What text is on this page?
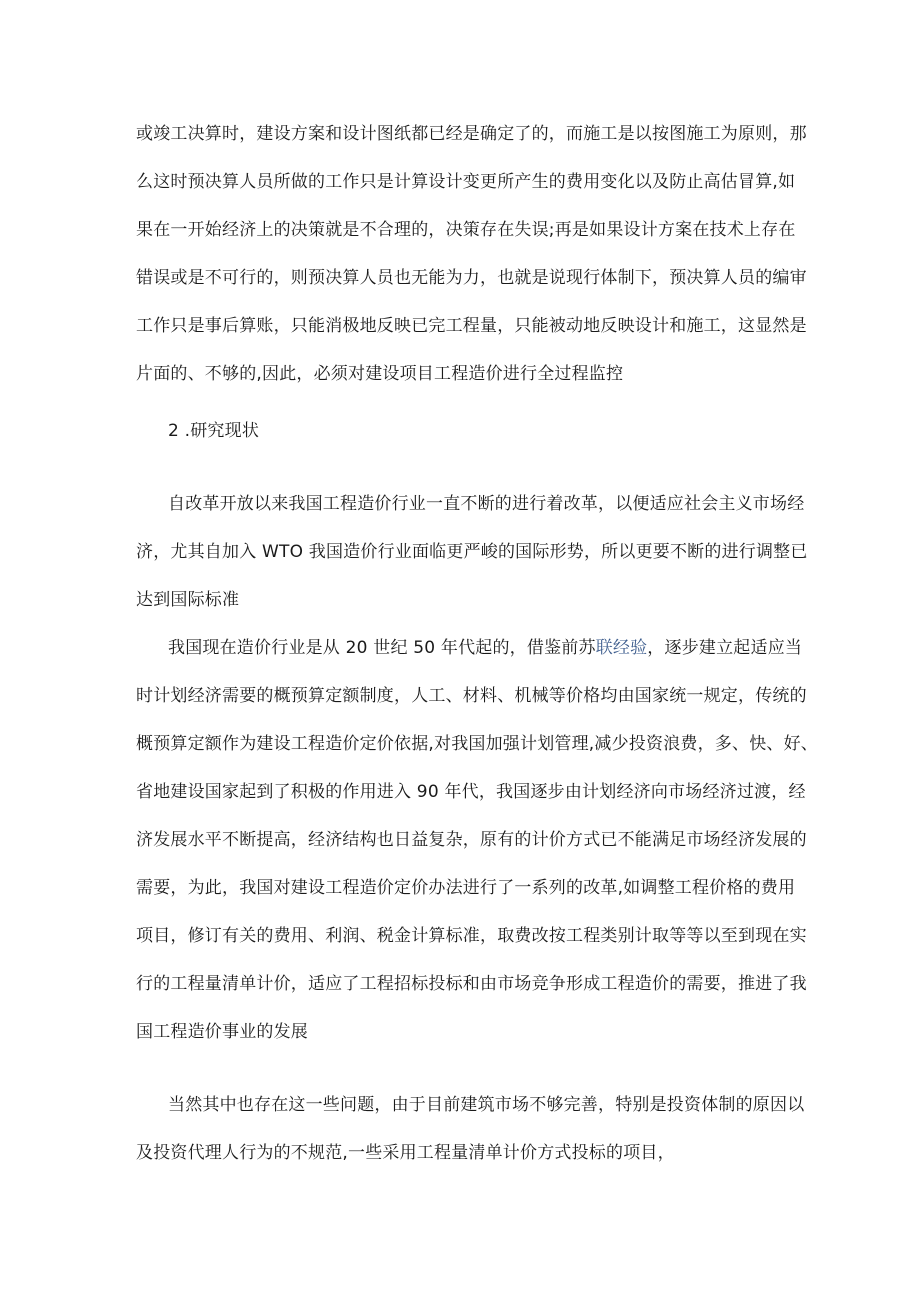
或竣工决算时，建设方案和设计图纸都已经是确定了的，而施工是以按图施工为原则，那
么这时预决算人员所做的工作只是计算设计变更所产生的费用变化以及防止高估冒算,如
果在一开始经济上的决策就是不合理的，决策存在失误;再是如果设计方案在技术上存在
错误或是不可行的，则预决算人员也无能为力，也就是说现行体制下，预决算人员的编审
工作只是事后算账，只能消极地反映已完工程量，只能被动地反映设计和施工，这显然是
片面的、不够的,因此，必须对建设项目工程造价进行全过程监控
2 .研究现状
自改革开放以来我国工程造价行业一直不断的进行着改革，以便适应社会主义市场经
济，尤其自加入 WTO 我国造价行业面临更严峻的国际形势，所以更要不断的进行调整已
达到国际标准
我国现在造价行业是从 20 世纪 50 年代起的，借鉴前苏联经验，逐步建立起适应当
时计划经济需要的概预算定额制度，人工、材料、机械等价格均由国家统一规定，传统的
概预算定额作为建设工程造价定价依据,对我国加强计划管理,减少投资浪费，多、快、好、
省地建设国家起到了积极的作用进入 90 年代，我国逐步由计划经济向市场经济过渡，经
济发展水平不断提高，经济结构也日益复杂，原有的计价方式已不能满足市场经济发展的
需要，为此，我国对建设工程造价定价办法进行了一系列的改革,如调整工程价格的费用
项目，修订有关的费用、利润、税金计算标准，取费改按工程类别计取等等以至到现在实
行的工程量清单计价，适应了工程招标投标和由市场竞争形成工程造价的需要，推进了我
国工程造价事业的发展
当然其中也存在这一些问题，由于目前建筑市场不够完善，特别是投资体制的原因以
及投资代理人行为的不规范,一些采用工程量清单计价方式投标的项目，
